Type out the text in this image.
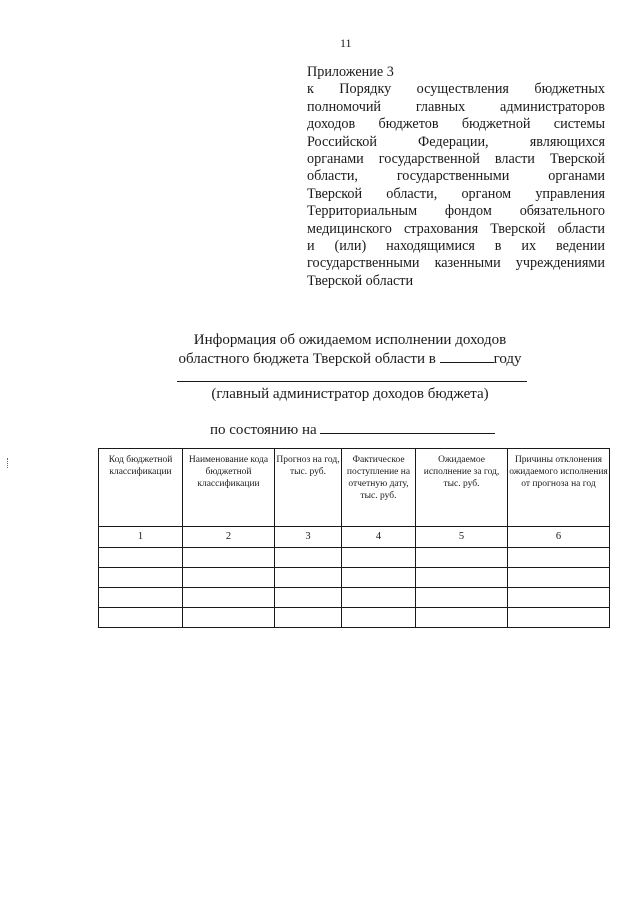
11
Приложение 3
к Порядку осуществления бюджетных
полномочий главных администраторов
доходов бюджетов бюджетной системы
Российской Федерации, являющихся
органами государственной власти Тверской
области, государственными органами
Тверской области, органом управления
Территориальным фондом обязательного
медицинского страхования Тверской области
и (или) находящимися в их ведении
государственными казенными учреждениями
Тверской области
Информация об ожидаемом исполнении доходов
областного бюджета Тверской области в	году
(главный администратор доходов бюджета)
по состоянию на
Код бюджетной классификации	Наименование кода бюджетной классификации	Прогноз на год, тыс. руб.	Фактическое поступление на отчетную дату, тыс. руб.	Ожидаемое исполнение за год, тыс. руб.	Причины отклонения ожидаемого исполнения от прогноза на год
1	2	3	4	5	6
